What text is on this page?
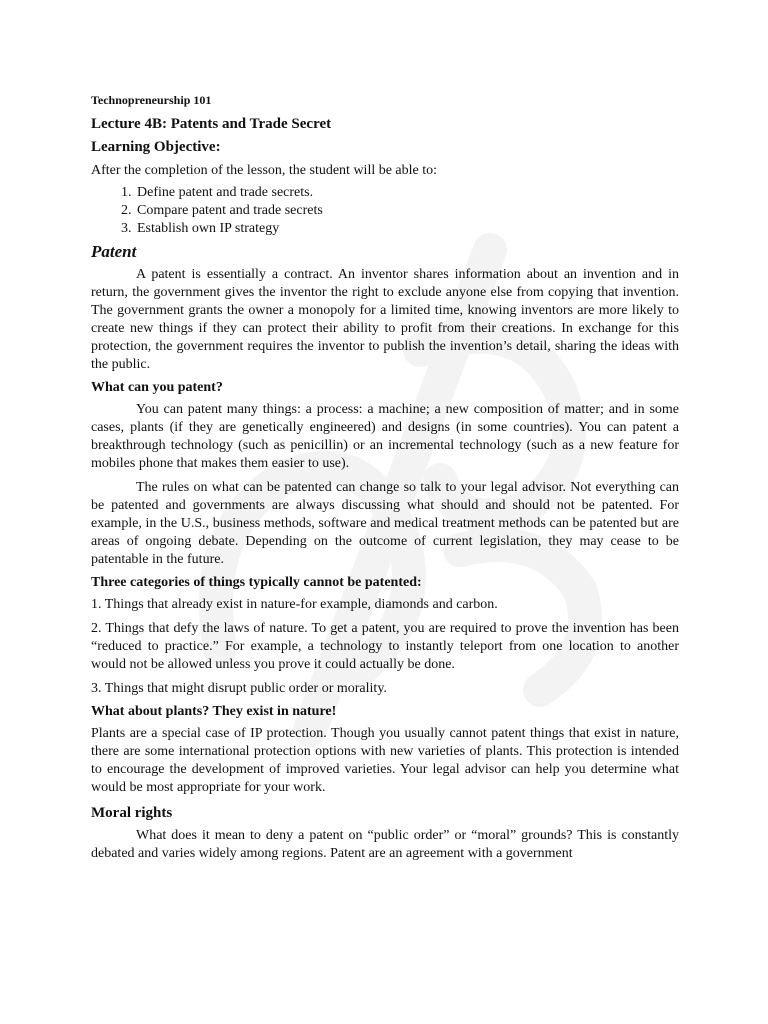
Technopreneurship 101
Lecture 4B: Patents and Trade Secret
Learning Objective:

After the completion of the lesson, the student will be able to:

1. Define patent and trade secrets.
2. Compare patent and trade secrets
3. Establish own IP strategy
Patent

A patent is essentially a contract. An inventor shares information about an invention and in return, the government gives the inventor the right to exclude anyone else from copying that invention. The government grants the owner a monopoly for a limited time, knowing inventors are more likely to create new things if they can protect their ability to profit from their creations. In exchange for this protection, the government requires the inventor to publish the invention’s detail, sharing the ideas with the public.

What can you patent?

You can patent many things: a process: a machine; a new composition of matter; and in some cases, plants (if they are genetically engineered) and designs (in some countries). You can patent a breakthrough technology (such as penicillin) or an incremental technology (such as a new feature for mobiles phone that makes them easier to use).

The rules on what can be patented can change so talk to your legal advisor. Not everything can be patented and governments are always discussing what should and should not be patented. For example, in the U.S., business methods, software and medical treatment methods can be patented but are areas of ongoing debate. Depending on the outcome of current legislation, they may cease to be patentable in the future.

Three categories of things typically cannot be patented:

1. Things that already exist in nature-for example, diamonds and carbon.

2. Things that defy the laws of nature. To get a patent, you are required to prove the invention has been “reduced to practice.” For example, a technology to instantly teleport from one location to another would not be allowed unless you prove it could actually be done.

3. Things that might disrupt public order or morality.

What about plants? They exist in nature!

Plants are a special case of IP protection. Though you usually cannot patent things that exist in nature, there are some international protection options with new varieties of plants. This protection is intended to encourage the development of improved varieties. Your legal advisor can help you determine what would be most appropriate for your work.

Moral rights

What does it mean to deny a patent on “public order” or “moral” grounds? This is constantly debated and varies widely among regions. Patent are an agreement with a government
